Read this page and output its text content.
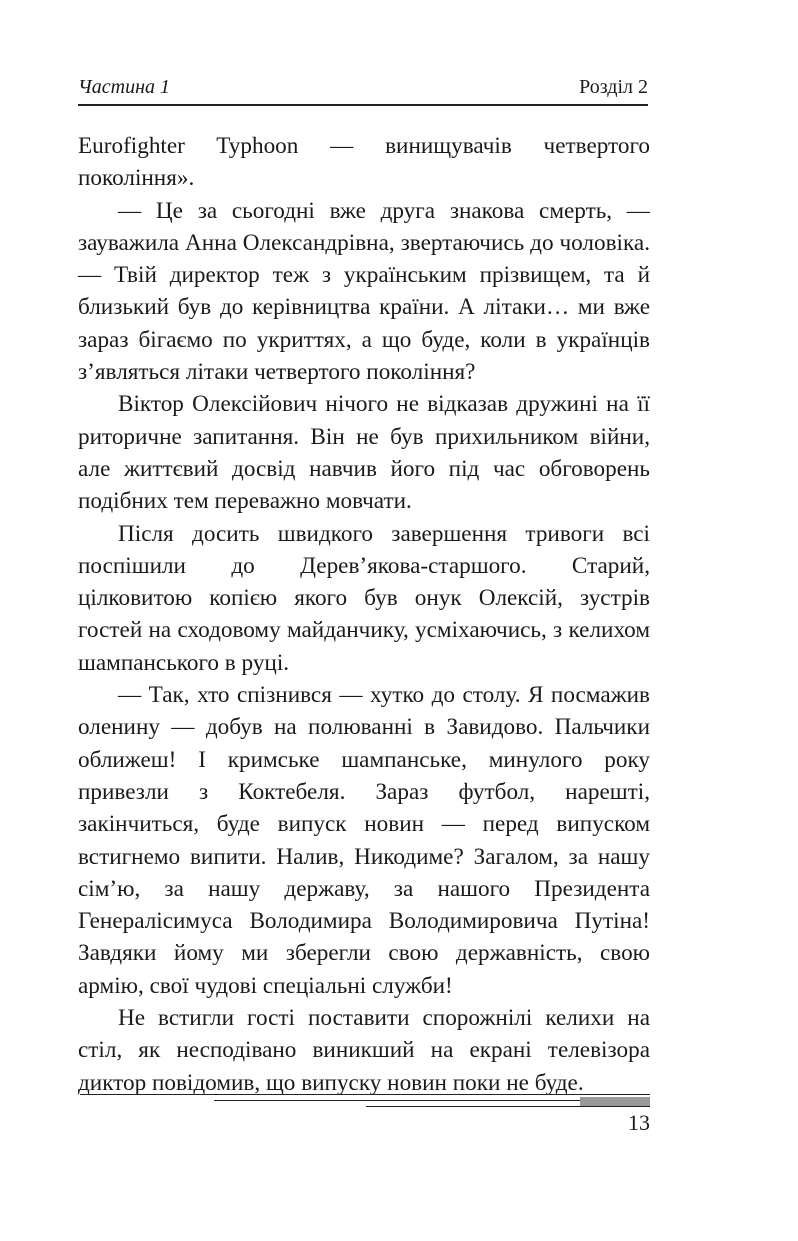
Частина 1	Розділ 2

Eurofighter Typhoon — винищувачів четвертого покоління».

— Це за сьогодні вже друга знакова смерть, — зауважила Анна Олександрівна, звертаючись до чоловіка. — Твій директор теж з українським прізвищем, та й близький був до керівництва країни. А літаки… ми вже зараз бігаємо по укриттях, а що буде, коли в українців з’являться літаки четвертого покоління?

Віктор Олексійович нічого не відказав дружині на її риторичне запитання. Він не був прихильником війни, але життєвий досвід навчив його під час обговорень подібних тем переважно мовчати.

Після досить швидкого завершення тривоги всі поспішили до Дерев’якова-старшого. Старий, цілковитою копією якого був онук Олексій, зустрів гостей на сходовому майданчику, усміхаючись, з келихом шампанського в руці.

— Так, хто спізнився — хутко до столу. Я посмажив оленину — добув на полюванні в Завидово. Пальчики оближеш! І кримське шампанське, минулого року привезли з Коктебеля. Зараз футбол, нарешті, закінчиться, буде випуск новин — перед випуском встигнемо випити. Налив, Никодиме? Загалом, за нашу сім’ю, за нашу державу, за нашого Президента Генералісимуса Володимира Володимировича Путіна! Завдяки йому ми зберегли свою державність, свою армію, свої чудові спеціальні служби!

Не встигли гості поставити спорожнілі келихи на стіл, як несподівано виникший на екрані телевізора диктор повідомив, що випуску новин поки не буде.

13
